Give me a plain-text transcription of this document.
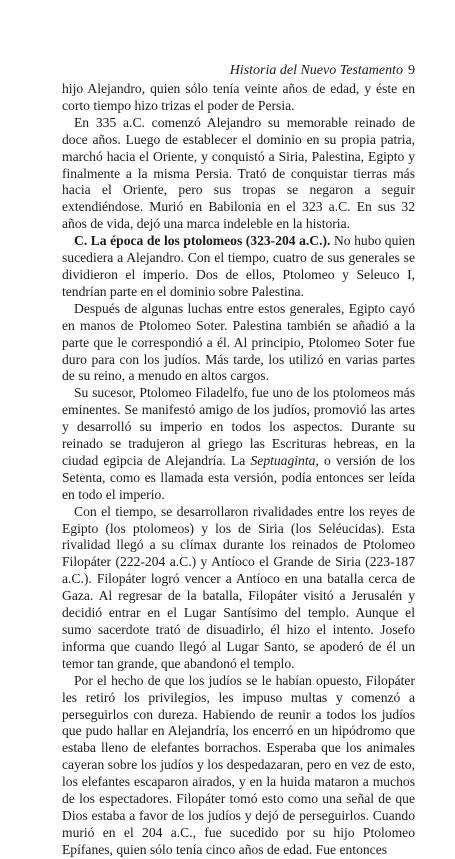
Historia del Nuevo Testamento 9

hijo Alejandro, quien sólo tenía veinte años de edad, y éste en corto tiempo hizo trizas el poder de Persia.

En 335 a.C. comenzó Alejandro su memorable reinado de doce años. Luego de establecer el dominio en su propia patria, marchó hacia el Oriente, y conquistó a Siria, Palestina, Egipto y finalmente a la misma Persia. Trató de conquistar tierras más hacia el Oriente, pero sus tropas se negaron a seguir extendiéndose. Murió en Babilonia en el 323 a.C. En sus 32 años de vida, dejó una marca indeleble en la historia.

C. La época de los ptolomeos (323-204 a.C.). No hubo quien sucediera a Alejandro. Con el tiempo, cuatro de sus generales se dividieron el imperio. Dos de ellos, Ptolomeo y Seleuco I, tendrían parte en el dominio sobre Palestina.

Después de algunas luchas entre estos generales, Egipto cayó en manos de Ptolomeo Soter. Palestina también se añadió a la parte que le correspondió a él. Al principio, Ptolomeo Soter fue duro para con los judíos. Más tarde, los utilizó en varias partes de su reino, a menudo en altos cargos.

Su sucesor, Ptolomeo Filadelfo, fue uno de los ptolomeos más eminentes. Se manifestó amigo de los judíos, promovió las artes y desarrolló su imperio en todos los aspectos. Durante su reinado se tradujeron al griego las Escrituras hebreas, en la ciudad egipcia de Alejandría. La Septuaginta, o versión de los Setenta, como es llamada esta versión, podía entonces ser leída en todo el imperio.

Con el tiempo, se desarrollaron rivalidades entre los reyes de Egipto (los ptolomeos) y los de Siria (los Seléucidas). Esta rivalidad llegó a su clímax durante los reinados de Ptolomeo Filopáter (222-204 a.C.) y Antíoco el Grande de Siria (223-187 a.C.). Filopáter logró vencer a Antíoco en una batalla cerca de Gaza. Al regresar de la batalla, Filopáter visitó a Jerusalén y decidió entrar en el Lugar Santísimo del templo. Aunque el sumo sacerdote trató de disuadirlo, él hizo el intento. Josefo informa que cuando llegó al Lugar Santo, se apoderó de él un temor tan grande, que abandonó el templo.

Por el hecho de que los judíos se le habían opuesto, Filopáter les retiró los privilegios, les impuso multas y comenzó a perseguirlos con dureza. Habiendo de reunir a todos los judíos que pudo hallar en Alejandría, los encerró en un hipódromo que estaba lleno de elefantes borrachos. Esperaba que los animales cayeran sobre los judíos y los despedazaran, pero en vez de esto, los elefantes escaparon airados, y en la huida mataron a muchos de los espectadores. Filopáter tomó esto como una señal de que Dios estaba a favor de los judíos y dejó de perseguirlos. Cuando murió en el 204 a.C., fue sucedido por su hijo Ptolomeo Epífanes, quien sólo tenía cinco años de edad. Fue entonces
